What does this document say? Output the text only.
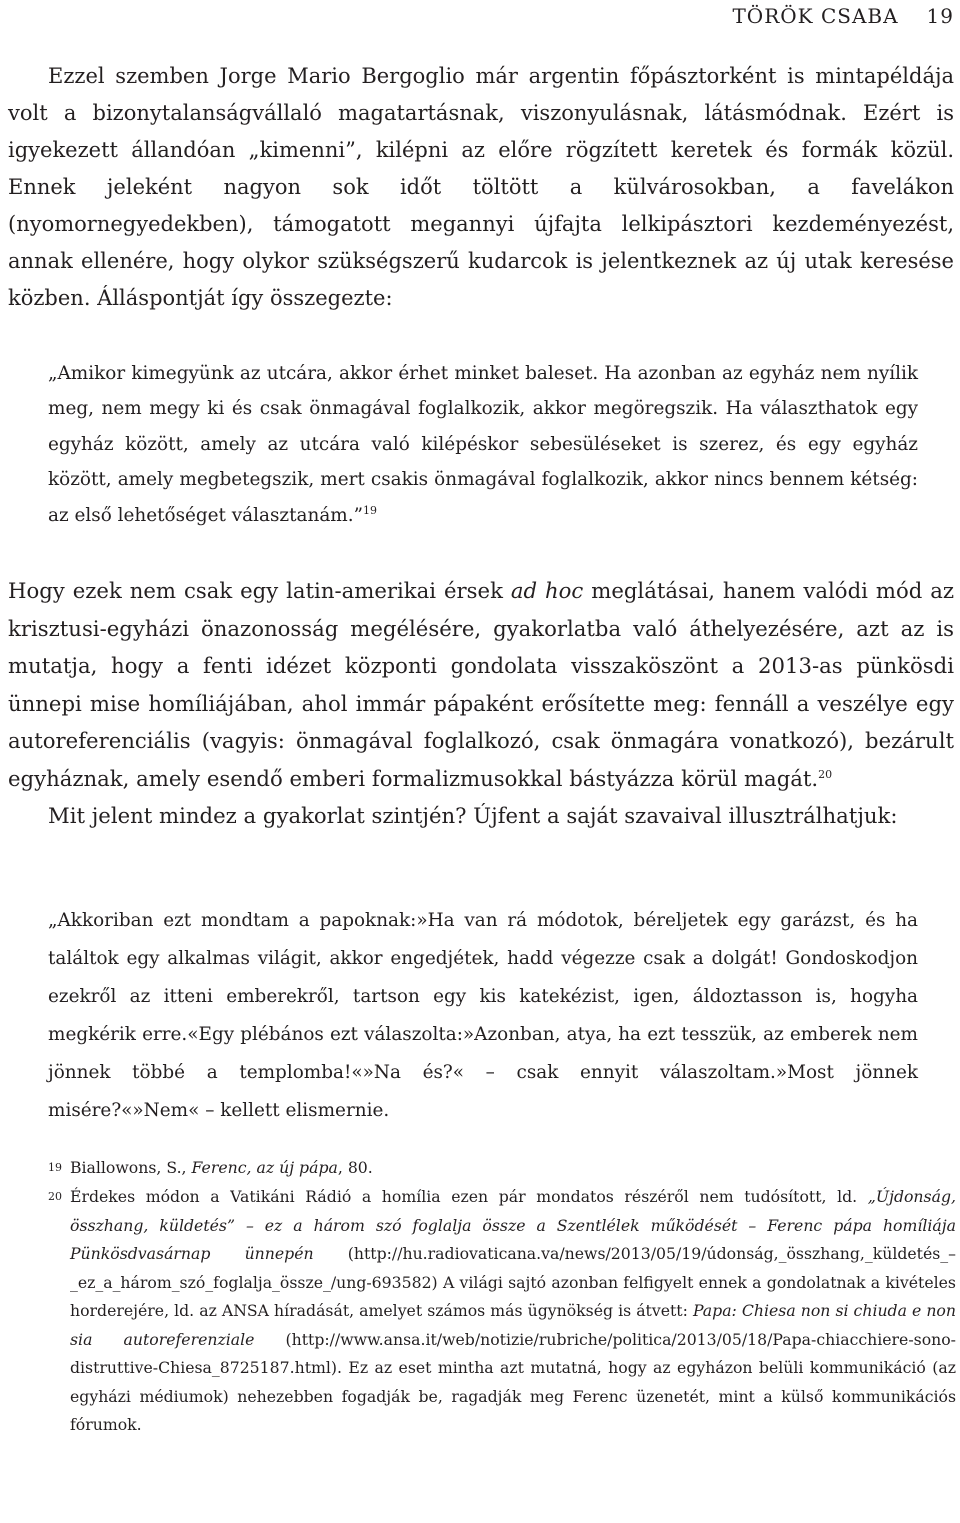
TÖRÖK CSABA 19
Ezzel szemben Jorge Mario Bergoglio már argentin főpásztorként is mintapéldája volt a bizonytalanságvállaló magatartásnak, viszonyulásnak, látásmódnak. Ezért is igyekezett állandóan „kimenni”, kilépni az előre rögzített keretek és formák közül. Ennek jeleként nagyon sok időt töltött a külvárosokban, a favelákon (nyomornegyedekben), támogatott megannyi újfajta lelkipásztori kezdeményezést, annak ellenére, hogy olykor szükségszerű kudarcok is jelentkeznek az új utak keresése közben. Álláspontját így összegezte:
„Amikor kimegyünk az utcára, akkor érhet minket baleset. Ha azonban az egyház nem nyílik meg, nem megy ki és csak önmagával foglalkozik, akkor megöregszik. Ha választhatok egy egyház között, amely az utcára való kilépéskor sebesüléseket is szerez, és egy egyház között, amely megbetegszik, mert csakis önmagával foglalkozik, akkor nincs bennem kétség: az első lehetőséget választanám.”$^{19}$
Hogy ezek nem csak egy latin-amerikai érsek ad hoc meglátásai, hanem valódi mód az krisztusi-egyházi önazonosság megélésére, gyakorlatba való áthelyezésére, azt az is mutatja, hogy a fenti idézet központi gondolata visszaköszönt a 2013-as pünkösdi ünnepi mise homíliájában, ahol immár pápaként erősítette meg: fennáll a veszélye egy autoreferenciális (vagyis: önmagával foglalkozó, csak önmagára vonatkozó), bezárult egyháznak, amely esendő emberi formalizmusokkal bástyázza körül magát.$^{20}$
Mit jelent mindez a gyakorlat szintjén? Újfent a saját szavaival illusztrálhatjuk:
„Akkoriban ezt mondtam a papoknak:»Ha van rá módotok, béreljetek egy garázst, és ha találtok egy alkalmas világit, akkor engedjétek, hadd végezze csak a dolgát! Gondoskodjon ezekről az itteni emberekről, tartson egy kis katekézist, igen, áldoztasson is, hogyha megkérik erre.«Egy plébános ezt válaszolta:»Azonban, atya, ha ezt tesszük, az emberek nem jönnek többé a templomba!«»Na és?« – csak ennyit válaszoltam.»Most jönnek misére?«»Nem« – kellett elismernie.
19 Biallowons, S., Ferenc, az új pápa, 80.
20 Érdekes módon a Vatikáni Rádió a homília ezen pár mondatos részéről nem tudósított, ld. „Újdonság, összhang, küldetés” – ez a három szó foglalja össze a Szentlélek működését – Ferenc pápa homíliája Pünkösdvasárnap ünnepén (http://hu.radiovaticana.va/news/2013/05/19/údonság,_összhang,_küldetés_–_ez_a_három_szó_foglalja_össze_/ung-693582) A világi sajtó azonban felfigyelt ennek a gondolatnak a kivételes horderejére, ld. az ANSA híradását, amelyet számos más ügynökség is átvett: Papa: Chiesa non si chiuda e non sia autoreferenziale (http://www.ansa.it/web/notizie/rubriche/politica/2013/05/18/Papa-chiacchiere-sono-distruttive-Chiesa_8725187.html). Ez az eset mintha azt mutatná, hogy az egyházon belüli kommunikáció (az egyházi médiumok) nehezebben fogadják be, ragadják meg Ferenc üzenetét, mint a külső kommunikációs fórumok.
